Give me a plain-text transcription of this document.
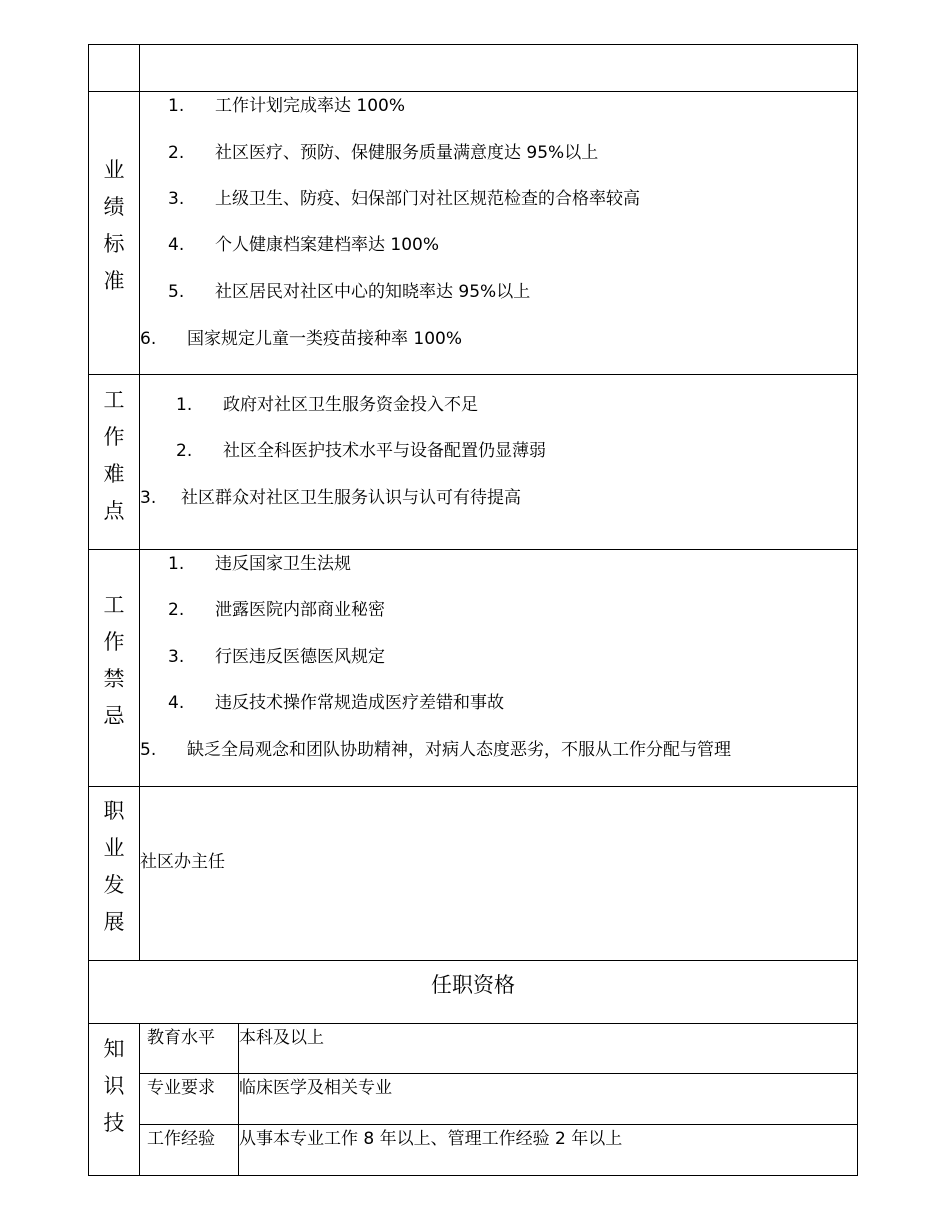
业
绩
标
准
1. 工作计划完成率达 100%
2. 社区医疗、预防、保健服务质量满意度达 95%以上
3. 上级卫生、防疫、妇保部门对社区规范检查的合格率较高
4. 个人健康档案建档率达 100%
5. 社区居民对社区中心的知晓率达 95%以上
6. 国家规定儿童一类疫苗接种率 100%
工
作
难
点
1. 政府对社区卫生服务资金投入不足
2. 社区全科医护技术水平与设备配置仍显薄弱
3. 社区群众对社区卫生服务认识与认可有待提高
工
作
禁
忌
1. 违反国家卫生法规
2. 泄露医院内部商业秘密
3. 行医违反医德医风规定
4. 违反技术操作常规造成医疗差错和事故
5. 缺乏全局观念和团队协助精神，对病人态度恶劣，不服从工作分配与管理
职
业
发
展
社区办主任
任职资格
知
识
技
教育水平 本科及以上
专业要求 临床医学及相关专业
工作经验 从事本专业工作 8 年以上、管理工作经验 2 年以上
